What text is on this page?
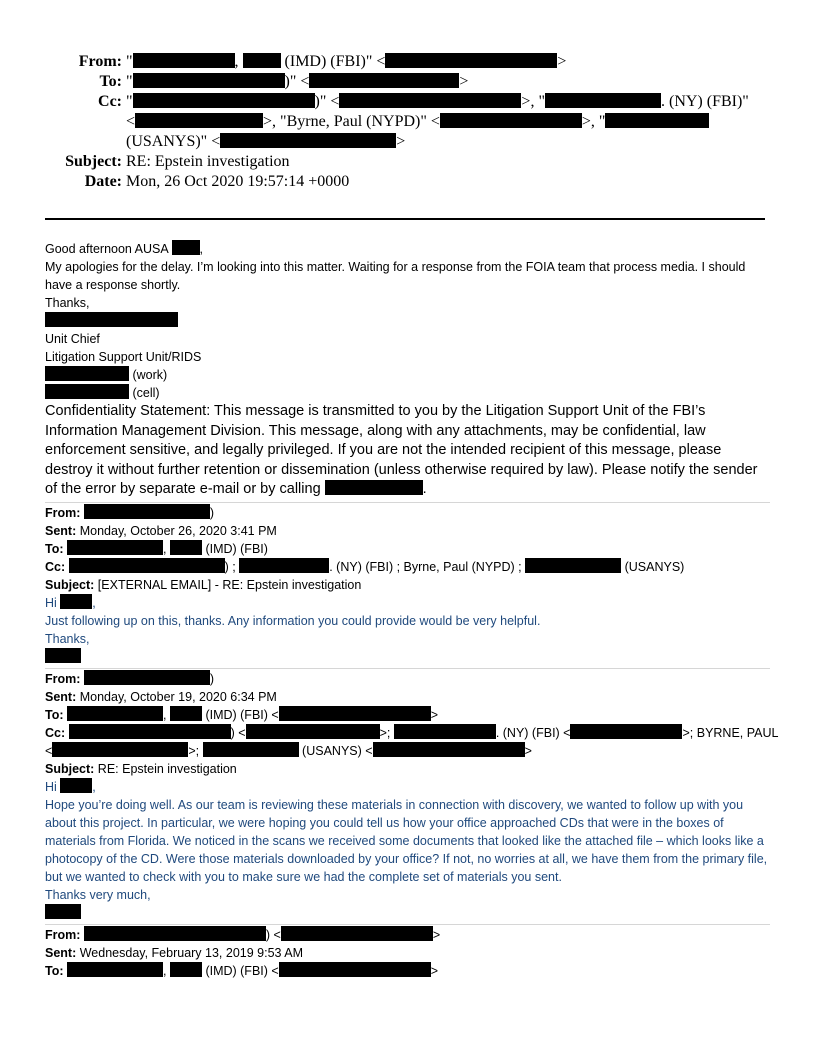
From: "	,	(IMD) (FBI)" <	>
To: "	)" <	>
Cc: "	)" <	>, "	. (NY) (FBI)"
<	>, "Byrne, Paul (NYPD)" <	>, "
(USANYS)" <	>
Subject: RE: Epstein investigation
Date: Mon, 26 Oct 2020 19:57:14 +0000
Good afternoon AUSA	,
My apologies for the delay. I’m looking into this matter. Waiting for a response from the FOIA team that process media. I should have a response shortly.
Thanks,
Unit Chief
Litigation Support Unit/RIDS
(work)
(cell)
Confidentiality Statement: This message is transmitted to you by the Litigation Support Unit of the FBI’s Information Management Division. This message, along with any attachments, may be confidential, law enforcement sensitive, and legally privileged. If you are not the intended recipient of this message, please destroy it without further retention or dissemination (unless otherwise required by law). Please notify the sender of the error by separate e-mail or by calling	.
From:	)
Sent: Monday, October 26, 2020 3:41 PM
To:	,	(IMD) (FBI)
Cc:	) ;	. (NY) (FBI) ; Byrne, Paul (NYPD) ;	(USANYS)
Subject: [EXTERNAL EMAIL] - RE: Epstein investigation
Hi	,
Just following up on this, thanks. Any information you could provide would be very helpful.
Thanks,
From:	)
Sent: Monday, October 19, 2020 6:34 PM
To:	,	(IMD) (FBI) <	>
Cc:	) <	>;	. (NY) (FBI) <	>; BYRNE, PAUL
<	>;	(USANYS) <	>
Subject: RE: Epstein investigation
Hi	,
Hope you’re doing well. As our team is reviewing these materials in connection with discovery, we wanted to follow up with you about this project. In particular, we were hoping you could tell us how your office approached CDs that were in the boxes of materials from Florida. We noticed in the scans we received some documents that looked like the attached file – which looks like a photocopy of the CD. Were those materials downloaded by your office? If not, no worries at all, we have them from the primary file, but we wanted to check with you to make sure we had the complete set of materials you sent.
Thanks very much,
From:	) <	>
Sent: Wednesday, February 13, 2019 9:53 AM
To:	,	(IMD) (FBI) <	>
